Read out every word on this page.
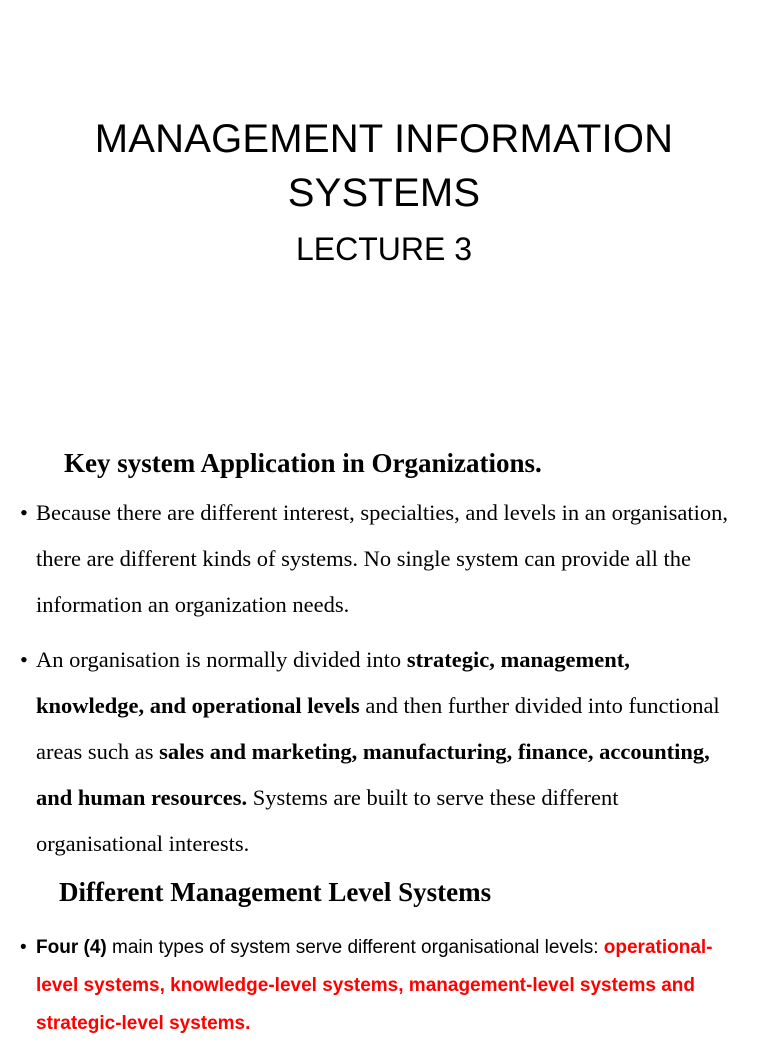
MANAGEMENT INFORMATION
SYSTEMS
LECTURE 3
Key system Application in Organizations.

• Because there are different interest, specialties, and levels in an organisation, there are different kinds of systems. No single system can provide all the information an organization needs.

• An organisation is normally divided into strategic, management, knowledge, and operational levels and then further divided into functional areas such as sales and marketing, manufacturing, finance, accounting, and human resources. Systems are built to serve these different organisational interests.

Different Management Level Systems

• Four (4) main types of system serve different organisational levels: operational-level systems, knowledge-level systems, management-level systems and strategic-level systems.
